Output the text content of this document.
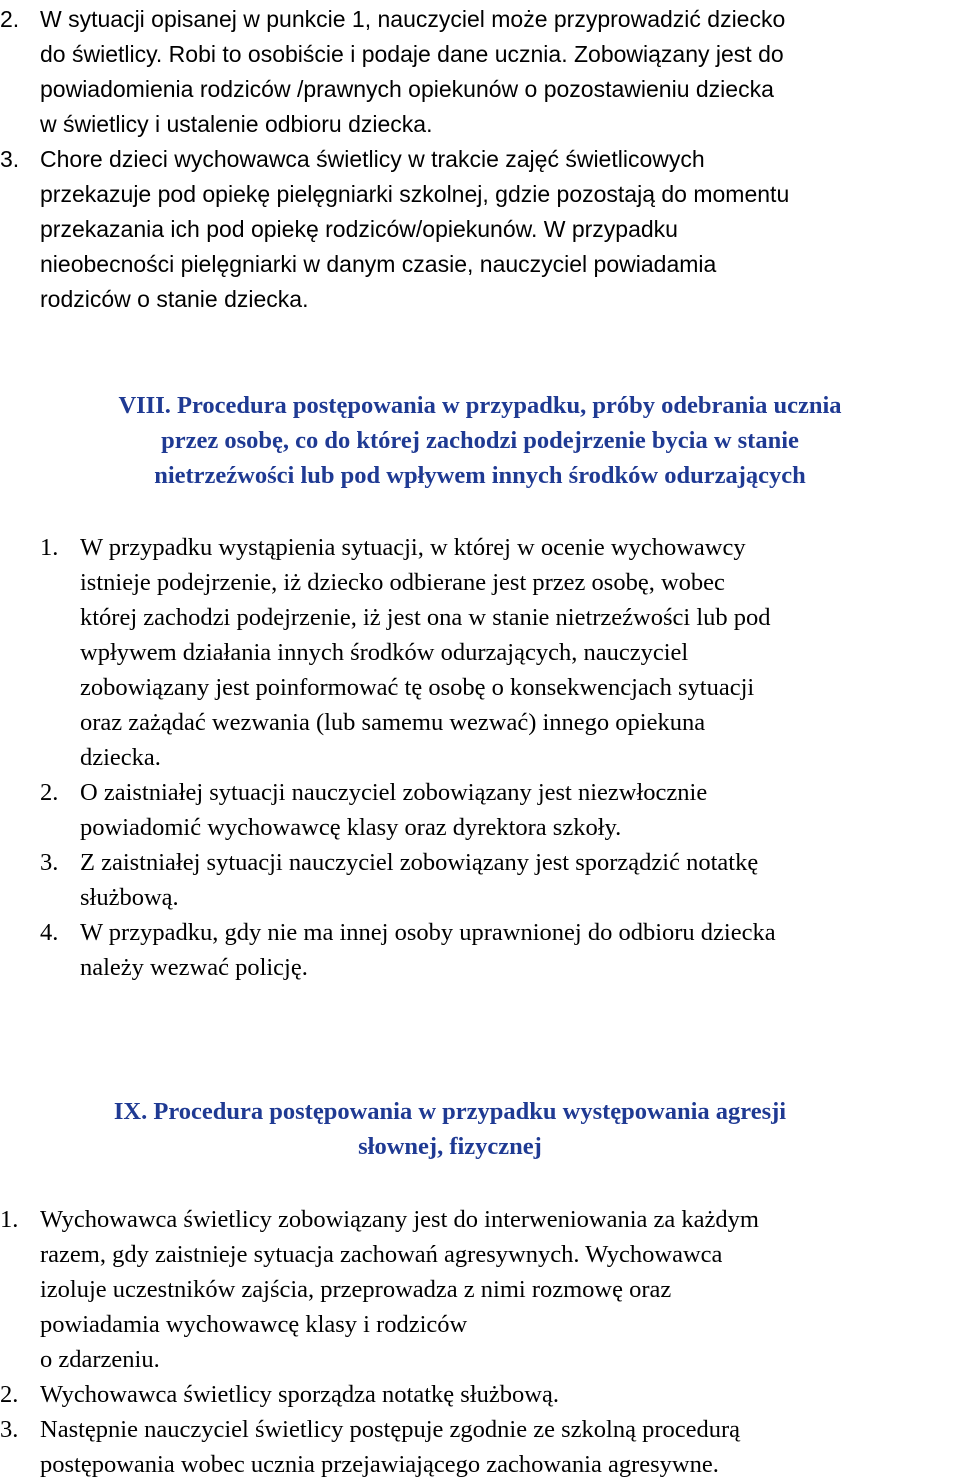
2. W sytuacji opisanej w punkcie 1, nauczyciel może przyprowadzić dziecko
do świetlicy. Robi to osobiście i podaje dane ucznia. Zobowiązany jest do
powiadomienia rodziców /prawnych opiekunów o pozostawieniu dziecka
w świetlicy i ustalenie odbioru dziecka.
3. Chore dzieci wychowawca świetlicy w trakcie zajęć świetlicowych
przekazuje pod opiekę pielęgniarki szkolnej, gdzie pozostają do momentu
przekazania ich pod opiekę rodziców/opiekunów. W przypadku
nieobecności pielęgniarki w danym czasie, nauczyciel powiadamia
rodziców o stanie dziecka.
VIII. Procedura postępowania w przypadku, próby odebrania ucznia
przez osobę, co do której zachodzi podejrzenie bycia w stanie
nietrzeźwości lub pod wpływem innych środków odurzających
1. W przypadku wystąpienia sytuacji, w której w ocenie wychowawcy
istnieje podejrzenie, iż dziecko odbierane jest przez osobę, wobec
której zachodzi podejrzenie, iż jest ona w stanie nietrzeźwości lub pod
wpływem działania innych środków odurzających, nauczyciel
zobowiązany jest poinformować tę osobę o konsekwencjach sytuacji
oraz zażądać wezwania (lub samemu wezwać) innego opiekuna
dziecka.
2. O zaistniałej sytuacji nauczyciel zobowiązany jest niezwłocznie
powiadomić wychowawcę klasy oraz dyrektora szkoły.
3. Z zaistniałej sytuacji nauczyciel zobowiązany jest sporządzić notatkę
służbową.
4. W przypadku, gdy nie ma innej osoby uprawnionej do odbioru dziecka
należy wezwać policję.
IX. Procedura postępowania w przypadku występowania agresji
słownej, fizycznej
1. Wychowawca świetlicy zobowiązany jest do interweniowania za każdym
razem, gdy zaistnieje sytuacja zachowań agresywnych. Wychowawca
izoluje uczestników zajścia, przeprowadza z nimi rozmowę oraz
powiadamia wychowawcę klasy i rodziców
o zdarzeniu.
2. Wychowawca świetlicy sporządza notatkę służbową.
3. Następnie nauczyciel świetlicy postępuje zgodnie ze szkolną procedurą
postępowania wobec ucznia przejawiającego zachowania agresywne.
